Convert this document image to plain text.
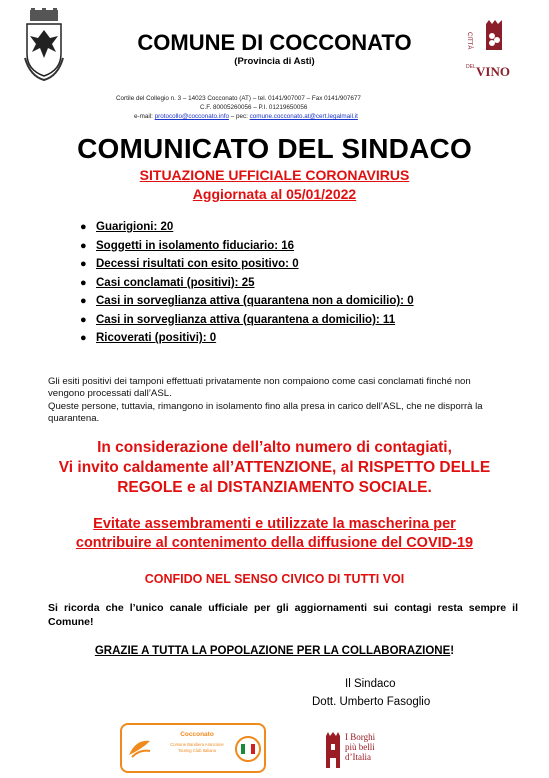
CITTÀ
VINO
DEL
COMUNE DI COCCONATO
(Provincia di Asti)
Cortile del Collegio n. 3 – 14023 Cocconato (AT) – tel. 0141/907007 – Fax 0141/907677
C.F. 80005260056 – P.I. 01219650056
e-mail: protocollo@cocconato.info – pec: comune.cocconato.at@cert.legalmail.it
COMUNICATO DEL SINDACO
SITUAZIONE UFFICIALE CORONAVIRUS
Aggiornata al 05/01/2022
● Guarigioni: 20
● Soggetti in isolamento fiduciario: 16
● Decessi risultati con esito positivo: 0
● Casi conclamati (positivi): 25
● Casi in sorveglianza attiva (quarantena non a domicilio): 0
● Casi in sorveglianza attiva (quarantena a domicilio): 11
● Ricoverati (positivi): 0
Gli esiti positivi dei tamponi effettuati privatamente non compaiono come casi conclamati finché non vengono processati dall’ASL.
Queste persone, tuttavia, rimangono in isolamento fino alla presa in carico dell’ASL, che ne disporrà la quarantena.
In considerazione dell’alto numero di contagiati,
Vi invito caldamente all’ATTENZIONE, al RISPETTO DELLE
REGOLE e al DISTANZIAMENTO SOCIALE.
Evitate assembramenti e utilizzate la mascherina per
contribuire al contenimento della diffusione del COVID-19
CONFIDO NEL SENSO CIVICO DI TUTTI VOI
Si ricorda che l’unico canale ufficiale per gli aggiornamenti sui contagi resta sempre il Comune!
GRAZIE A TUTTA LA POPOLAZIONE PER LA COLLABORAZIONE!
Il Sindaco
Dott. Umberto Fasoglio
Cocconato
Comune Bandiera Arancione
Touring Club Italiano
I Borghi
più belli
d’Italia
